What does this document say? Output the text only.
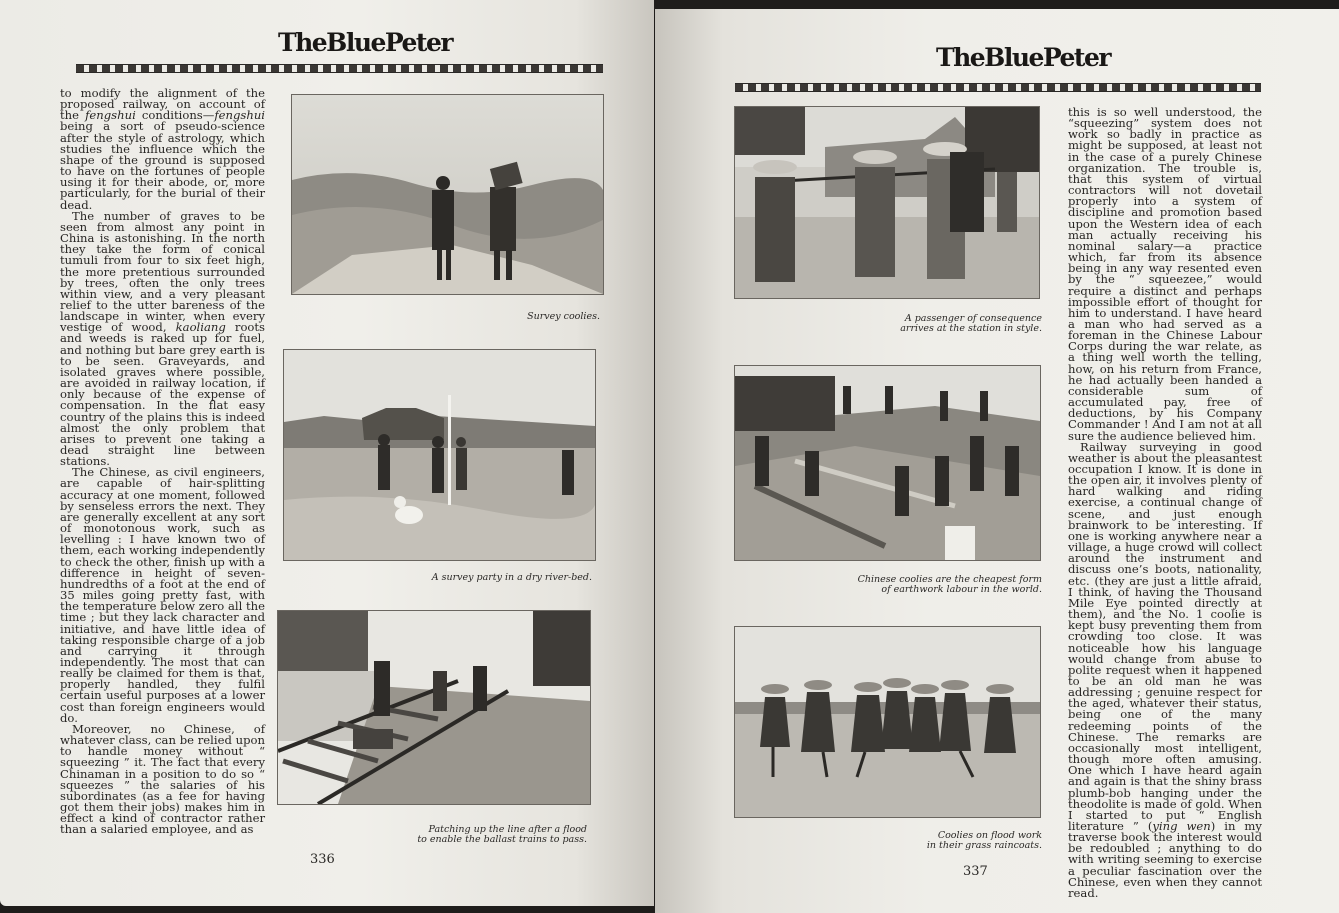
TheBluePeter

to modify the alignment of the proposed railway, on account of the fengshui conditions—fengshui being a sort of pseudo-science after the style of astrology, which studies the influence which the shape of the ground is supposed to have on the fortunes of people using it for their abode, or, more particularly, for the burial of their dead.

The number of graves to be seen from almost any point in China is astonishing. In the north they take the form of conical tumuli from four to six feet high, the more pretentious surrounded by trees, often the only trees within view, and a very pleasant relief to the utter bareness of the landscape in winter, when every vestige of wood, kaoliang roots and weeds is raked up for fuel, and nothing but bare grey earth is to be seen. Graveyards, and isolated graves where possible, are avoided in railway location, if only because of the expense of compensation. In the flat easy country of the plains this is indeed almost the only problem that arises to prevent one taking a dead straight line between stations.

The Chinese, as civil engineers, are capable of hair-splitting accuracy at one moment, followed by senseless errors the next. They are generally excellent at any sort of monotonous work, such as levelling : I have known two of them, each working independently to check the other, finish up with a difference in height of seven-hundredths of a foot at the end of 35 miles going pretty fast, with the temperature below zero all the time ; but they lack character and initiative, and have little idea of taking responsible charge of a job and carrying it through independently. The most that can really be claimed for them is that, properly handled, they fulfil certain useful purposes at a lower cost than foreign engineers would do.

Moreover, no Chinese, of whatever class, can be relied upon to handle money without “ squeezing ” it. The fact that every Chinaman in a position to do so “ squeezes ” the salaries of his subordinates (as a fee for having got them their jobs) makes him in effect a kind of contractor rather than a salaried employee, and as

Survey coolies.
A survey party in a dry river-bed.
Patching up the line after a flood
to enable the ballast trains to pass.
336
TheBluePeter
A passenger of consequence
arrives at the station in style.
Chinese coolies are the cheapest form
of earthwork labour in the world.
Coolies on flood work
in their grass raincoats.

this is so well understood, the “squeezing” system does not work so badly in practice as might be supposed, at least not in the case of a purely Chinese organization. The trouble is, that this system of virtual contractors will not dovetail properly into a system of discipline and promotion based upon the Western idea of each man actually receiving his nominal salary—a practice which, far from its absence being in any way resented even by the “ squeezee,” would require a distinct and perhaps impossible effort of thought for him to understand. I have heard a man who had served as a foreman in the Chinese Labour Corps during the war relate, as a thing well worth the telling, how, on his return from France, he had actually been handed a considerable sum of accumulated pay, free of deductions, by his Company Commander ! And I am not at all sure the audience believed him.

Railway surveying in good weather is about the pleasantest occupation I know. It is done in the open air, it involves plenty of hard walking and riding exercise, a continual change of scene, and just enough brainwork to be interesting. If one is working anywhere near a village, a huge crowd will collect around the instrument and discuss one’s boots, nationality, etc. (they are just a little afraid, I think, of having the Thousand Mile Eye pointed directly at them), and the No. 1 coolie is kept busy preventing them from crowding too close. It was noticeable how his language would change from abuse to polite request when it happened to be an old man he was addressing ; genuine respect for the aged, whatever their status, being one of the many redeeming points of the Chinese. The remarks are occasionally most intelligent, though more often amusing. One which I have heard again and again is that the shiny brass plumb-bob hanging under the theodolite is made of gold. When I started to put “ English literature ” (ying wen) in my traverse book the interest would be redoubled ; anything to do with writing seeming to exercise a peculiar fascination over the Chinese, even when they cannot read.

337
